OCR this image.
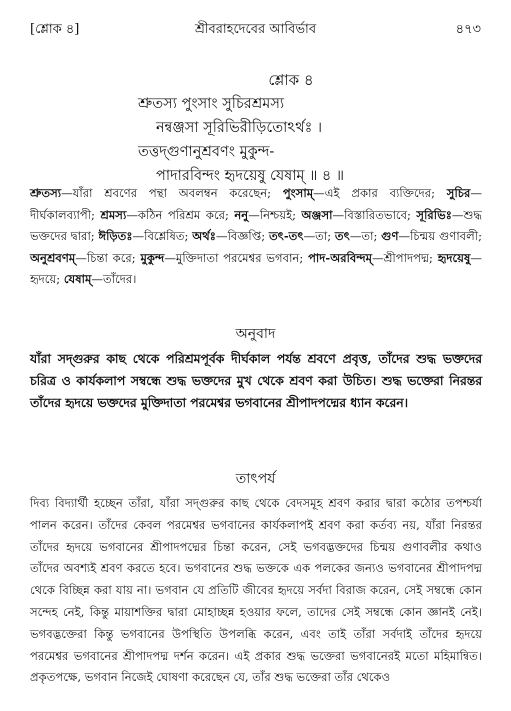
[শ্লোক ৪]	শ্রীবরাহদেবের আবির্ভাব	৪৭৩
শ্লোক ৪
শ্রুতস্য পুংসাং সুচিরশ্রমস্য
নন্বঞ্জসা সূরিভিরীড়িতোঽর্থঃ ।
তত্তদ্গুণানুশ্রবণং মুকুন্দ-
পাদারবিন্দং হৃদয়েষু যেষাম্ ॥ ৪ ॥
শ্রুতস্য—যাঁরা শ্রবণের পন্থা অবলম্বন করেছেন; পুংসাম্—এই প্রকার ব্যক্তিদের; সুচির—দীর্ঘকালব্যাপী; শ্রমস্য—কঠিন পরিশ্রম করে; ননু—নিশ্চয়ই; অঞ্জসা—বিস্তারিতভাবে; সূরিভিঃ—শুদ্ধ ভক্তদের দ্বারা; ঈড়িতঃ—বিশ্লেষিত; অর্থঃ—বিজ্ঞপ্তি; তৎ-তৎ—তা; তৎ—তা; গুণ—চিন্ময় গুণাবলী; অনুশ্রবণম্—চিন্তা করে; মুকুন্দ—মুক্তিদাতা পরমেশ্বর ভগবান; পাদ-অরবিন্দম্—শ্রীপাদপদ্ম; হৃদয়েষু—হৃদয়ে; যেষাম্—তাঁদের।
অনুবাদ
যাঁরা সদ্গুরুর কাছ থেকে পরিশ্রমপূর্বক দীর্ঘকাল পর্যন্ত শ্রবণে প্রবৃত্ত, তাঁদের শুদ্ধ ভক্তদের চরিত্র ও কার্যকলাপ সম্বন্ধে শুদ্ধ ভক্তদের মুখ থেকে শ্রবণ করা উচিত। শুদ্ধ ভক্তেরা নিরন্তর তাঁদের হৃদয়ে ভক্তদের মুক্তিদাতা পরমেশ্বর ভগবানের শ্রীপাদপদ্মের ধ্যান করেন।
তাৎপর্য

দিব্য বিদ্যার্থী হচ্ছেন তাঁরা, যাঁরা সদ্গুরুর কাছ থেকে বেদসমূহ শ্রবণ করার দ্বারা কঠোর তপশ্চর্যা পালন করেন। তাঁদের কেবল পরমেশ্বর ভগবানের কার্যকলাপই শ্রবণ করা কর্তব্য নয়, যাঁরা নিরন্তর তাঁদের হৃদয়ে ভগবানের শ্রীপাদপদ্মের চিন্তা করেন, সেই ভগবদ্ভক্তদের চিন্ময় গুণাবলীর কথাও তাঁদের অবশ্যই শ্রবণ করতে হবে। ভগবানের শুদ্ধ ভক্তকে এক পলকের জন্যও ভগবানের শ্রীপাদপদ্ম থেকে বিচ্ছিন্ন করা যায় না। ভগবান যে প্রতিটি জীবের হৃদয়ে সর্বদা বিরাজ করেন, সেই সম্বন্ধে কোন সন্দেহ নেই, কিন্তু মায়াশক্তির দ্বারা মোহাচ্ছন্ন হওয়ার ফলে, তাদের সেই সম্বন্ধে কোন জ্ঞানই নেই। ভগবদ্ভক্তেরা কিন্তু ভগবানের উপস্থিতি উপলব্ধি করেন, এবং তাই তাঁরা সর্বদাই তাঁদের হৃদয়ে পরমেশ্বর ভগবানের শ্রীপাদপদ্ম দর্শন করেন। এই প্রকার শুদ্ধ ভক্তেরা ভগবানেরই মতো মহিমান্বিত। প্রকৃতপক্ষে, ভগবান নিজেই ঘোষণা করেছেন যে, তাঁর শুদ্ধ ভক্তেরা তাঁর থেকেও
